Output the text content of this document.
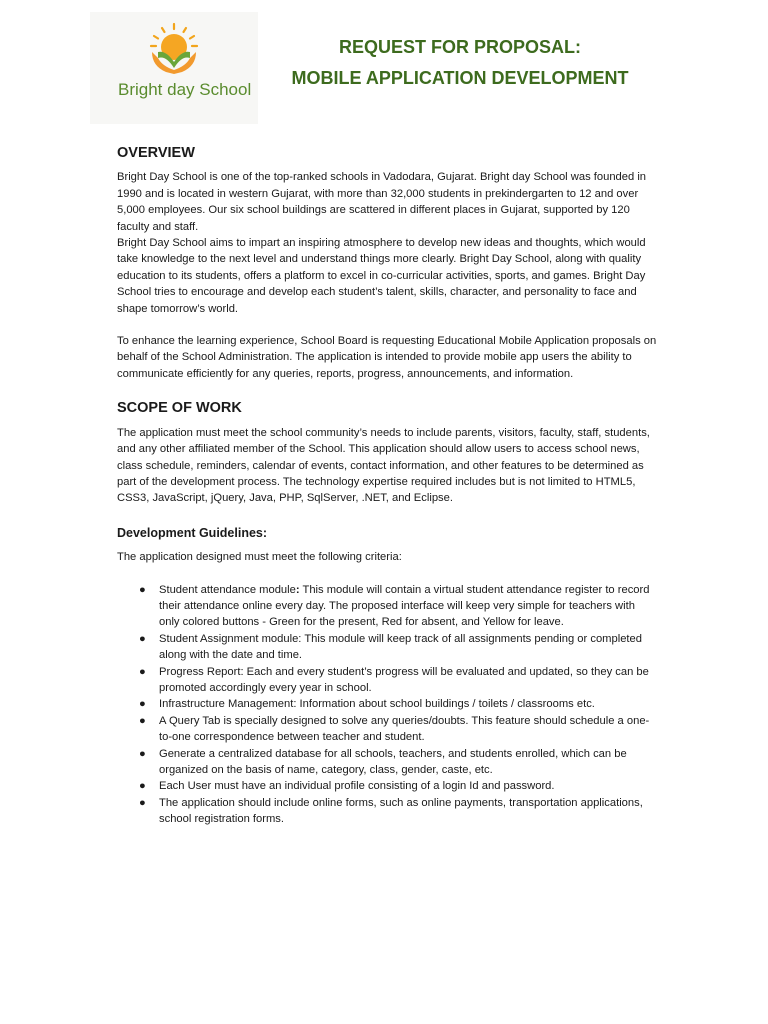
Bright day School
REQUEST FOR PROPOSAL:
MOBILE APPLICATION DEVELOPMENT
OVERVIEW

Bright Day School is one of the top-ranked schools in Vadodara, Gujarat. Bright day School was founded in 1990 and is located in western Gujarat, with more than 32,000 students in prekindergarten to 12 and over 5,000 employees. Our six school buildings are scattered in different places in Gujarat, supported by 120 faculty and staff.

Bright Day School aims to impart an inspiring atmosphere to develop new ideas and thoughts, which would take knowledge to the next level and understand things more clearly. Bright Day School, along with quality education to its students, offers a platform to excel in co-curricular activities, sports, and games. Bright Day School tries to encourage and develop each student’s talent, skills, character, and personality to face and shape tomorrow’s world.

To enhance the learning experience, School Board is requesting Educational Mobile Application proposals on behalf of the School Administration. The application is intended to provide mobile app users the ability to communicate efficiently for any queries, reports, progress, announcements, and information.

SCOPE OF WORK

The application must meet the school community’s needs to include parents, visitors, faculty, staff, students, and any other affiliated member of the School. This application should allow users to access school news, class schedule, reminders, calendar of events, contact information, and other features to be determined as part of the development process. The technology expertise required includes but is not limited to HTML5, CSS3, JavaScript, jQuery, Java, PHP, SqlServer, .NET, and Eclipse.

Development Guidelines:

The application designed must meet the following criteria:

● Student attendance module: This module will contain a virtual student attendance register to record their attendance online every day. The proposed interface will keep very simple for teachers with only colored buttons - Green for the present, Red for absent, and Yellow for leave.
● Student Assignment module: This module will keep track of all assignments pending or completed along with the date and time.
● Progress Report: Each and every student’s progress will be evaluated and updated, so they can be promoted accordingly every year in school.
● Infrastructure Management: Information about school buildings / toilets / classrooms etc.
● A Query Tab is specially designed to solve any queries/doubts. This feature should schedule a one-to-one correspondence between teacher and student.
● Generate a centralized database for all schools, teachers, and students enrolled, which can be organized on the basis of name, category, class, gender, caste, etc.
● Each User must have an individual profile consisting of a login Id and password.
● The application should include online forms, such as online payments, transportation applications, school registration forms.
